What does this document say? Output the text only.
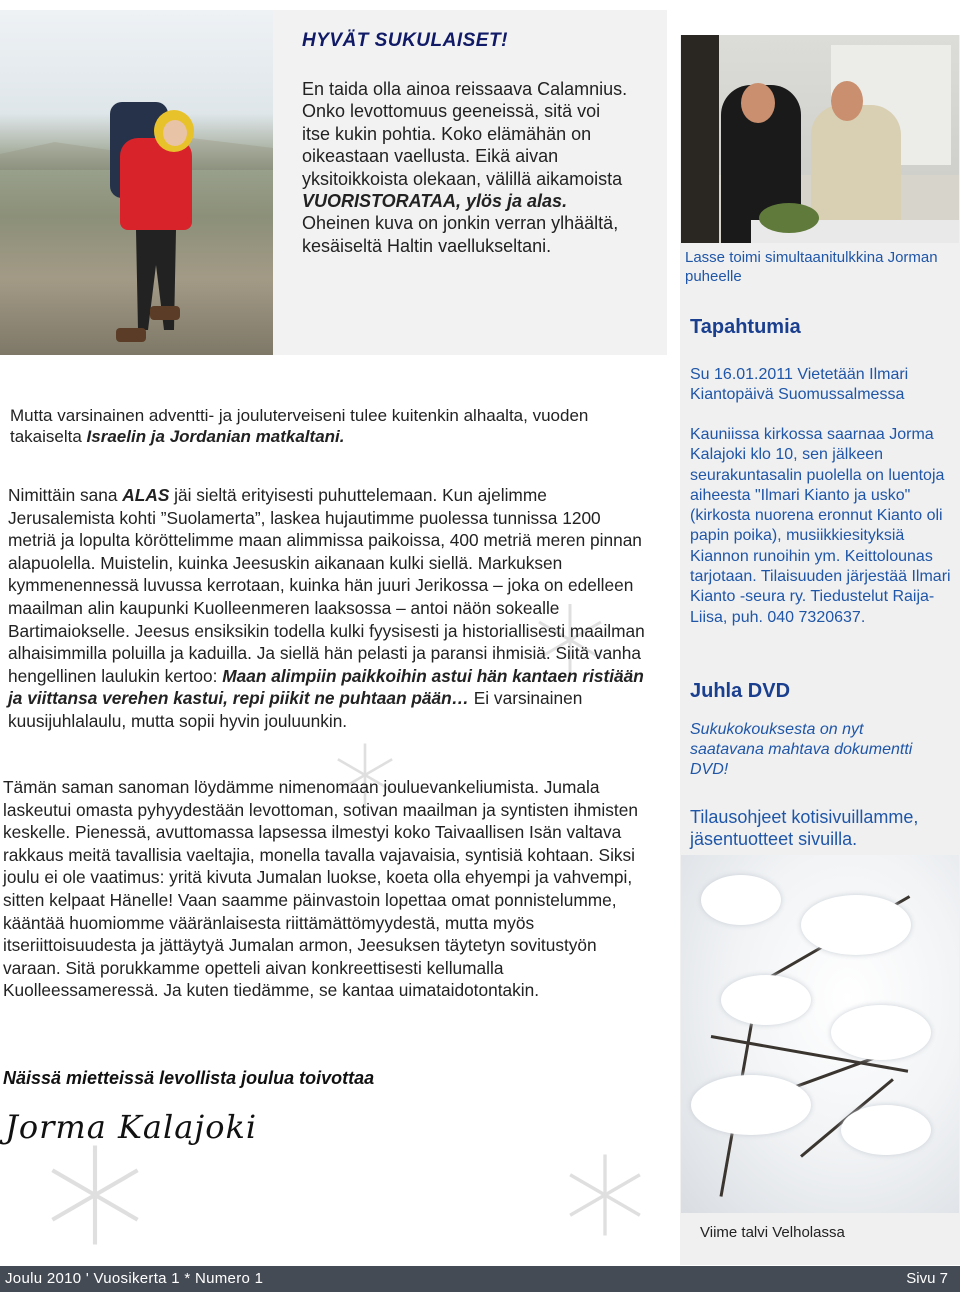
HYVÄT SUKULAISET!
En taida olla ainoa reissaava Calamnius. Onko levottomuus geeneissä, sitä voi itse kukin pohtia. Koko elämähän on oikeastaan vaellusta. Eikä aivan yksitoikkoista olekaan, välillä aikamoista VUORISTORATAA, ylös ja alas. Oheinen kuva on jonkin verran ylhäältä, kesäiseltä Haltin vaellukseltani.
Lasse toimi simultaanitulkkina Jorman puheelle
Tapahtumia
Su 16.01.2011 Vietetään Ilmari Kiantopäivä Suomussalmessa
Kauniissa kirkossa saarnaa Jorma Kalajoki klo 10, sen jälkeen seurakuntasalin puolella on luentoja aiheesta "Ilmari Kianto ja usko" (kirkosta nuorena eronnut Kianto oli papin poika), musiikkiesityksiä Kiannon runoihin ym. Keittolounas tarjotaan. Tilaisuuden järjestää Ilmari Kianto -seura ry. Tiedustelut Raija-Liisa, puh. 040 7320637.
Juhla DVD
Sukukokouksesta on nyt saatavana mahtava dokumentti DVD!
Tilausohjeet kotisivuillamme, jäsentuotteet sivuilla.
Viime talvi Velholassa
Mutta varsinainen adventti- ja jouluterveiseni tulee kuitenkin alhaalta, vuoden takaiselta Israelin ja Jordanian matkaltani.
Nimittäin sana ALAS jäi sieltä erityisesti puhuttelemaan. Kun ajelimme Jerusalemista kohti ”Suolamerta”, laskea hujautimme puolessa tunnissa 1200 metriä ja lopulta köröttelimme maan alimmissa paikoissa, 400 metriä meren pinnan alapuolella. Muistelin, kuinka Jeesuskin aikanaan kulki siellä. Markuksen kymmenennessä luvussa kerrotaan, kuinka hän juuri Jerikossa – joka on edelleen maailman alin kaupunki Kuolleenmeren laaksossa – antoi näön sokealle Bartimaiokselle. Jeesus ensiksikin todella kulki fyysisesti ja historiallisesti maailman alhaisimmilla poluilla ja kaduilla. Ja siellä hän pelasti ja paransi ihmisiä. Siitä vanha hengellinen laulukin kertoo: Maan alimpiin paikkoihin astui hän kantaen ristiään ja viittansa verehen kastui, repi piikit ne puhtaan pään… Ei varsinainen kuusijuhlalaulu, mutta sopii hyvin jouluunkin.
Tämän saman sanoman löydämme nimenomaan jouluevankeliumista. Jumala laskeutui omasta pyhyydestään levottoman, sotivan maailman ja syntisten ihmisten keskelle. Pienessä, avuttomassa lapsessa ilmestyi koko Taivaallisen Isän valtava rakkaus meitä tavallisia vaeltajia, monella tavalla vajavaisia, syntisiä kohtaan. Siksi joulu ei ole vaatimus: yritä kivuta Jumalan luokse, koeta olla ehyempi ja vahvempi, sitten kelpaat Hänelle! Vaan saamme päinvastoin lopettaa omat ponnistelumme, kääntää huomiomme vääränlaisesta riittämättömyydestä, mutta myös itseriittoisuudesta ja jättäytyä Jumalan armon, Jeesuksen täytetyn sovitustyön varaan. Sitä porukkamme opetteli aivan konkreettisesti kellumalla Kuolleessameressä. Ja kuten tiedämme, se kantaa uimataidotontakin.
Näissä mietteissä levollista joulua toivottaa
Jorma Kalajoki
Joulu 2010 ' Vuosikerta 1 * Numero 1	Sivu 7
